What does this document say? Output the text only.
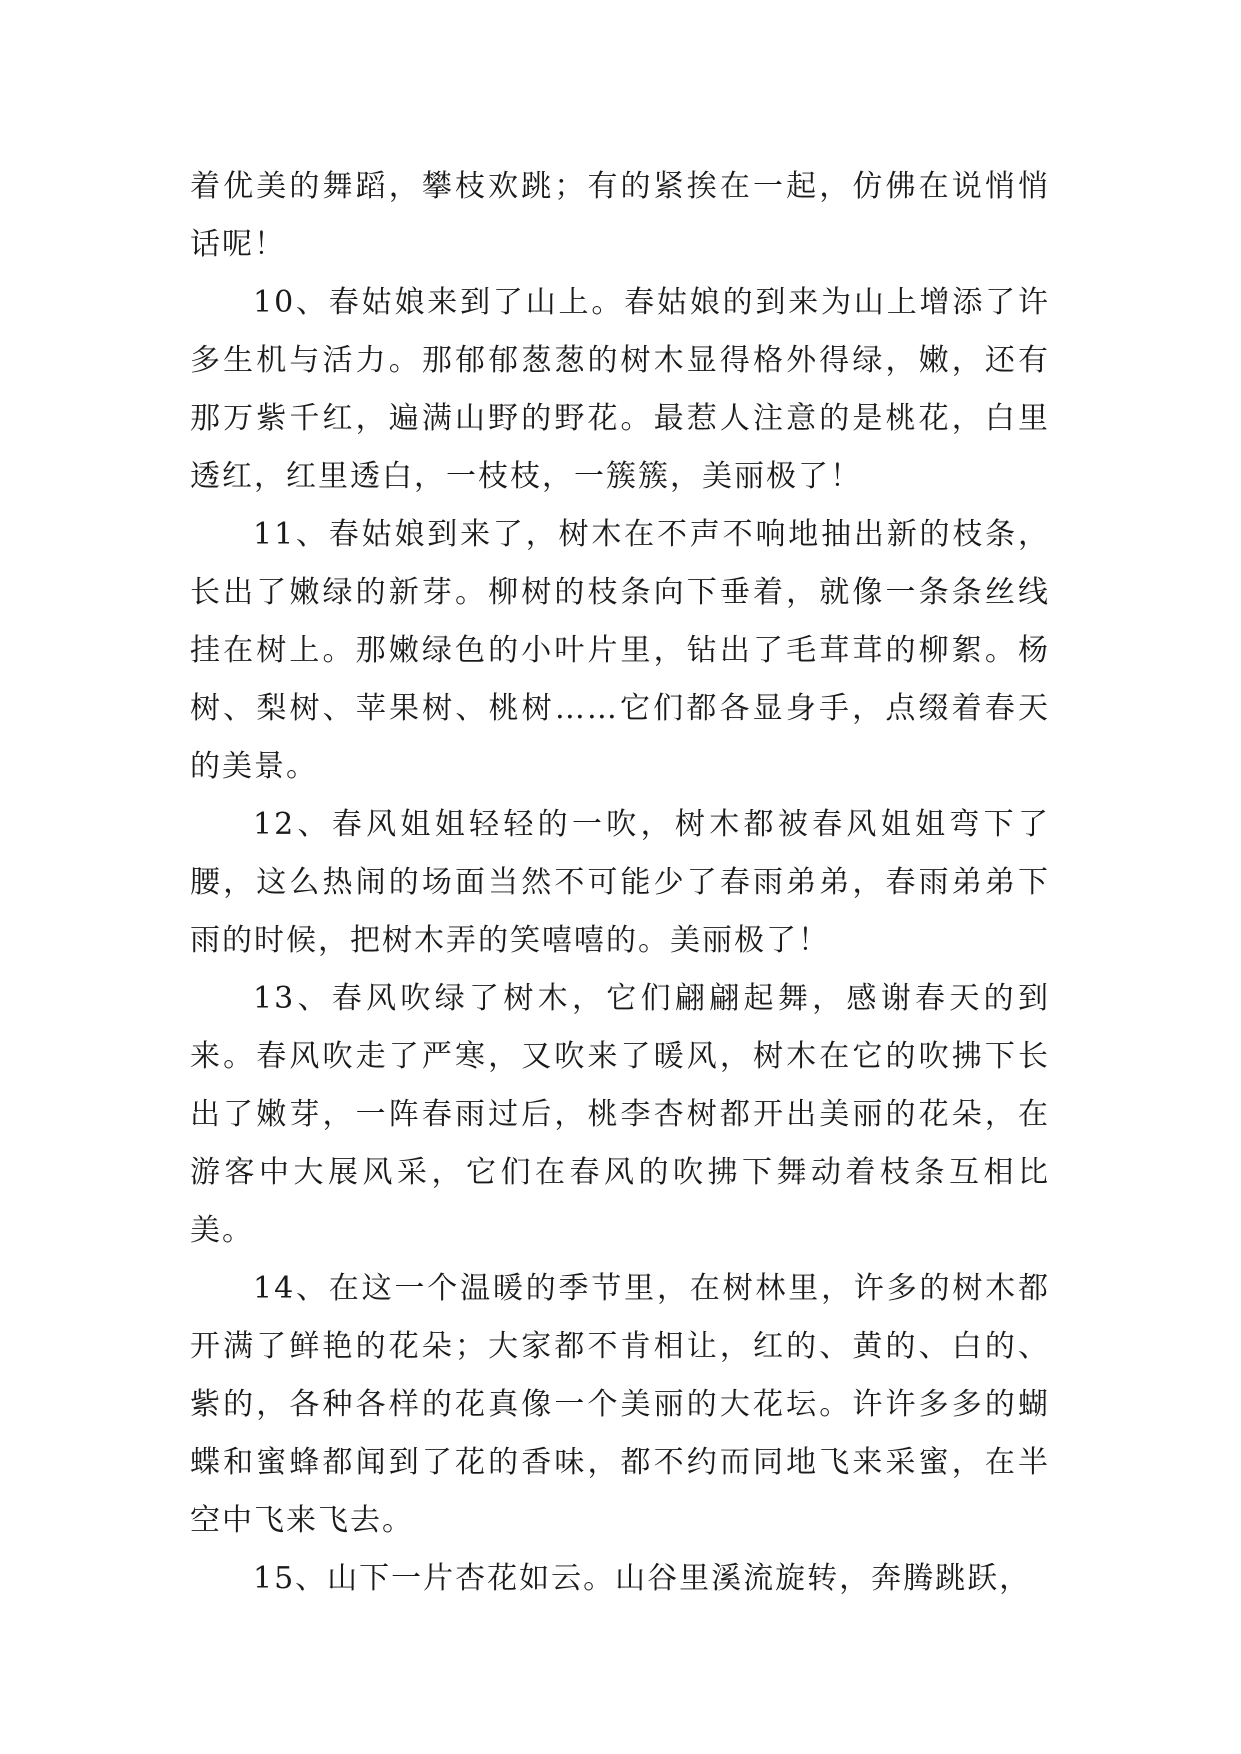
着优美的舞蹈，攀枝欢跳；有的紧挨在一起，仿佛在说悄悄话呢！

10、春姑娘来到了山上。春姑娘的到来为山上增添了许多生机与活力。那郁郁葱葱的树木显得格外得绿，嫩，还有那万紫千红，遍满山野的野花。最惹人注意的是桃花，白里透红，红里透白，一枝枝，一簇簇，美丽极了！

11、春姑娘到来了，树木在不声不响地抽出新的枝条，长出了嫩绿的新芽。柳树的枝条向下垂着，就像一条条丝线挂在树上。那嫩绿色的小叶片里，钻出了毛茸茸的柳絮。杨树、梨树、苹果树、桃树……它们都各显身手，点缀着春天的美景。

12、春风姐姐轻轻的一吹，树木都被春风姐姐弯下了腰，这么热闹的场面当然不可能少了春雨弟弟，春雨弟弟下雨的时候，把树木弄的笑嘻嘻的。美丽极了！

13、春风吹绿了树木，它们翩翩起舞，感谢春天的到来。春风吹走了严寒，又吹来了暖风，树木在它的吹拂下长出了嫩芽，一阵春雨过后，桃李杏树都开出美丽的花朵，在游客中大展风采，它们在春风的吹拂下舞动着枝条互相比美。

14、在这一个温暖的季节里，在树林里，许多的树木都开满了鲜艳的花朵；大家都不肯相让，红的、黄的、白的、紫的，各种各样的花真像一个美丽的大花坛。许许多多的蝴蝶和蜜蜂都闻到了花的香味，都不约而同地飞来采蜜，在半空中飞来飞去。

15、山下一片杏花如云。山谷里溪流旋转，奔腾跳跃，
